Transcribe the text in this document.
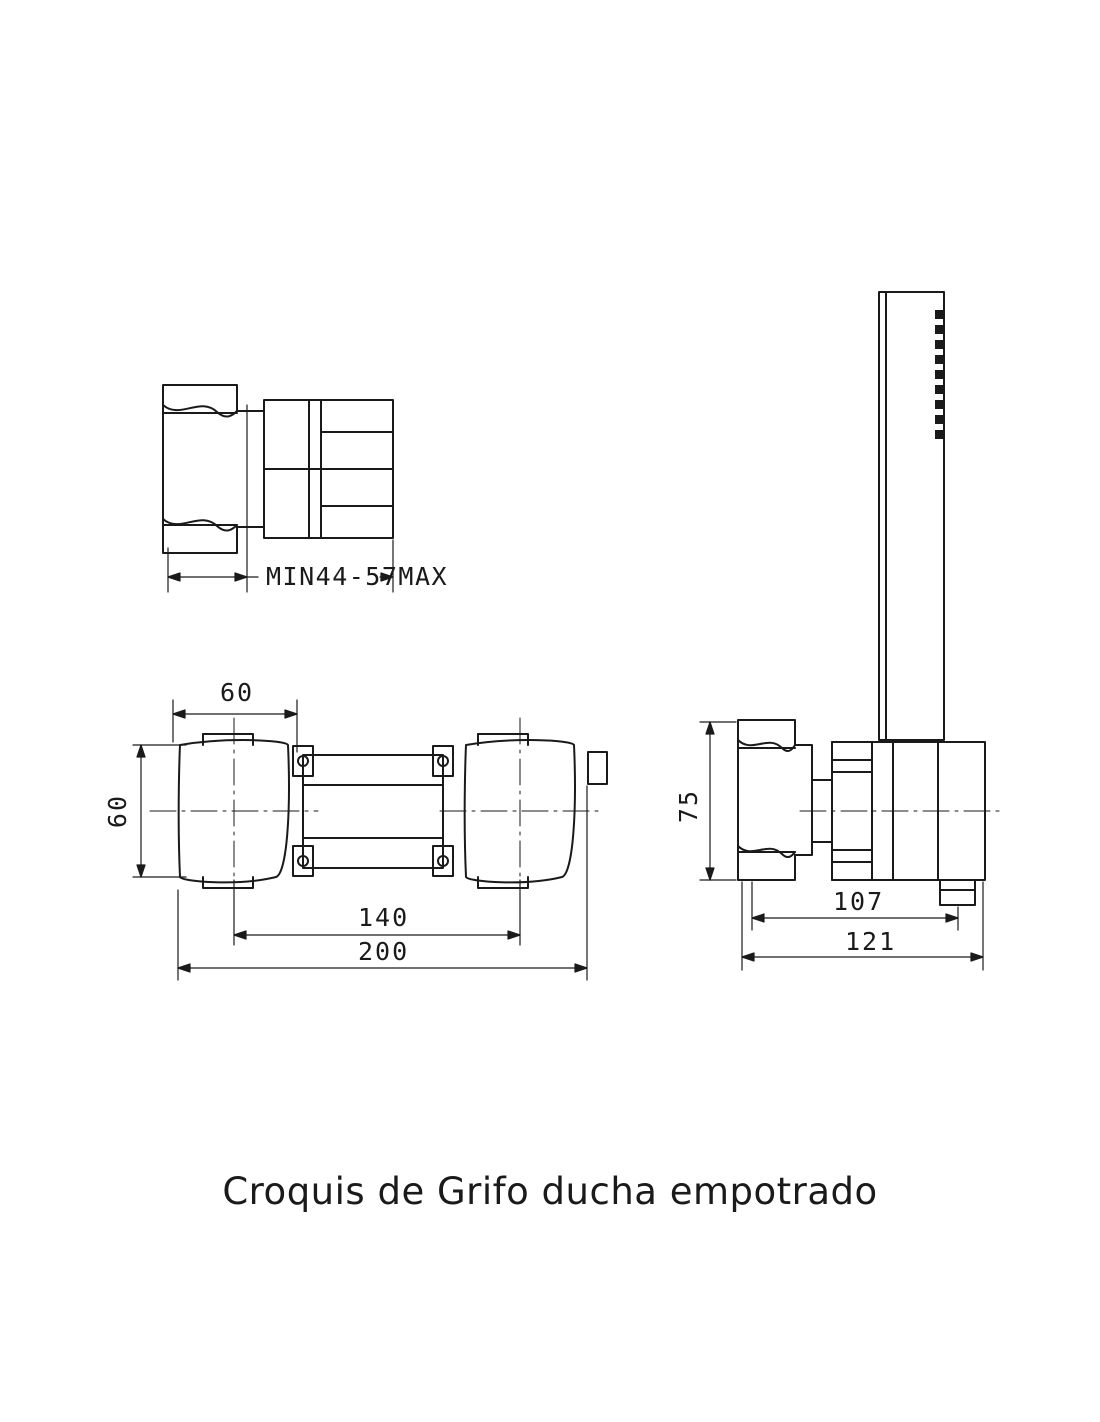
MIN44-57MAX
60
60
140
200
75
107
121
Croquis de Grifo ducha empotrado
